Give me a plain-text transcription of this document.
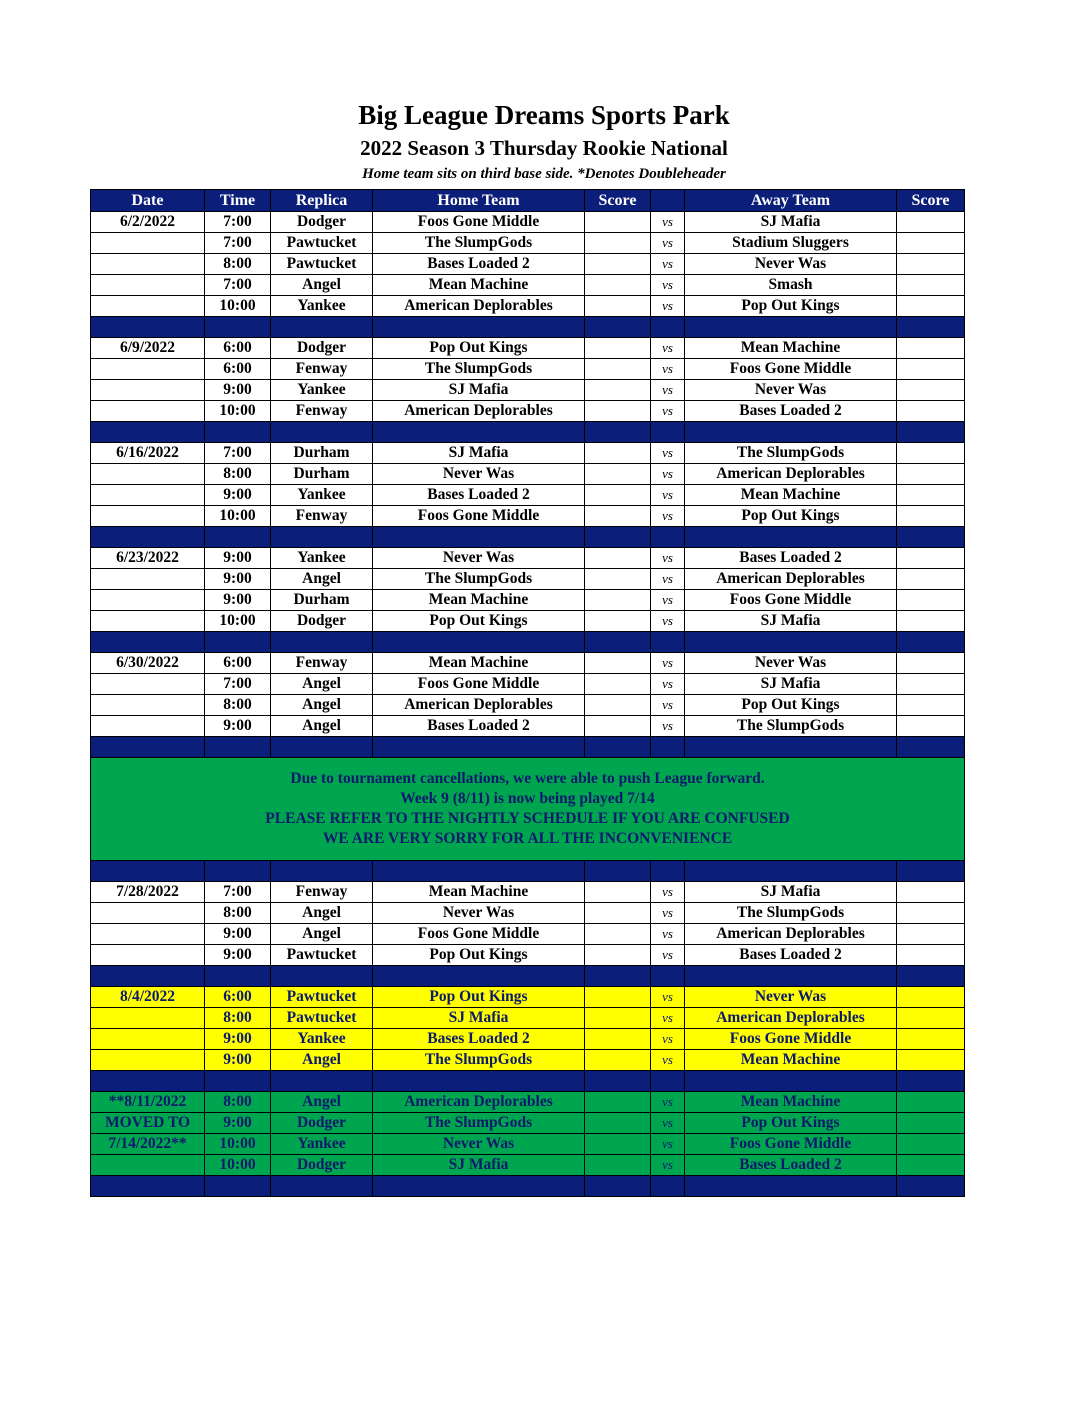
Big League Dreams Sports Park
2022 Season 3 Thursday Rookie National
Home team sits on third base side. *Denotes Doubleheader
Date	Time	Replica	Home Team	Score		Away Team	Score
6/2/2022	7:00	Dodger	Foos Gone Middle		vs	SJ Mafia	
	7:00	Pawtucket	The SlumpGods		vs	Stadium Sluggers	
	8:00	Pawtucket	Bases Loaded 2		vs	Never Was	
	7:00	Angel	Mean Machine		vs	Smash	
	10:00	Yankee	American Deplorables		vs	Pop Out Kings	

6/9/2022	6:00	Dodger	Pop Out Kings		vs	Mean Machine	
	6:00	Fenway	The SlumpGods		vs	Foos Gone Middle	
	9:00	Yankee	SJ Mafia		vs	Never Was	
	10:00	Fenway	American Deplorables		vs	Bases Loaded 2	

6/16/2022	7:00	Durham	SJ Mafia		vs	The SlumpGods	
	8:00	Durham	Never Was		vs	American Deplorables	
	9:00	Yankee	Bases Loaded 2		vs	Mean Machine	
	10:00	Fenway	Foos Gone Middle		vs	Pop Out Kings	

6/23/2022	9:00	Yankee	Never Was		vs	Bases Loaded 2	
	9:00	Angel	The SlumpGods		vs	American Deplorables	
	9:00	Durham	Mean Machine		vs	Foos Gone Middle	
	10:00	Dodger	Pop Out Kings		vs	SJ Mafia	

6/30/2022	6:00	Fenway	Mean Machine		vs	Never Was	
	7:00	Angel	Foos Gone Middle		vs	SJ Mafia	
	8:00	Angel	American Deplorables		vs	Pop Out Kings	
	9:00	Angel	Bases Loaded 2		vs	The SlumpGods	

Due to tournament cancellations, we were able to push League forward.
Week 9 (8/11) is now being played 7/14
PLEASE REFER TO THE NIGHTLY SCHEDULE IF YOU ARE CONFUSED
WE ARE VERY SORRY FOR ALL THE INCONVENIENCE							

7/28/2022	7:00	Fenway	Mean Machine		vs	SJ Mafia	
	8:00	Angel	Never Was		vs	The SlumpGods	
	9:00	Angel	Foos Gone Middle		vs	American Deplorables	
	9:00	Pawtucket	Pop Out Kings		vs	Bases Loaded 2	

8/4/2022	6:00	Pawtucket	Pop Out Kings		vs	Never Was	
	8:00	Pawtucket	SJ Mafia		vs	American Deplorables	
	9:00	Yankee	Bases Loaded 2		vs	Foos Gone Middle	
	9:00	Angel	The SlumpGods		vs	Mean Machine	

**8/11/2022	8:00	Angel	American Deplorables		vs	Mean Machine	
MOVED TO	9:00	Dodger	The SlumpGods		vs	Pop Out Kings	
7/14/2022**	10:00	Yankee	Never Was		vs	Foos Gone Middle	
	10:00	Dodger	SJ Mafia		vs	Bases Loaded 2	
